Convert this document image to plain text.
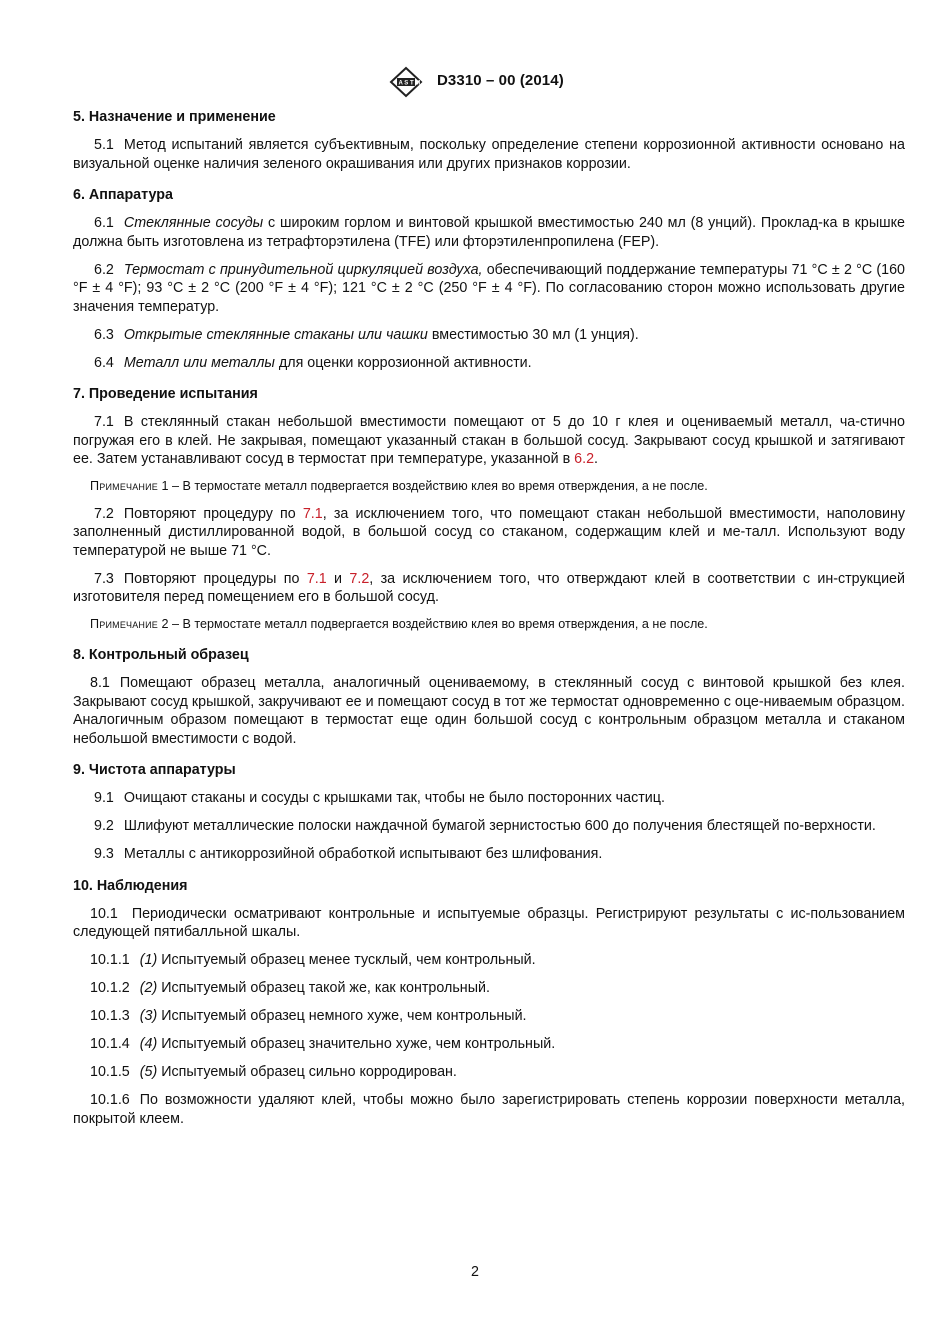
A S T M D3310 – 00 (2014)

5. Назначение и применение

5.1 Метод испытаний является субъективным, поскольку определение степени коррозионной активности основано на визуальной оценке наличия зеленого окрашивания или других признаков коррозии.

6. Аппаратура

6.1 Стеклянные сосуды с широким горлом и винтовой крышкой вместимостью 240 мл (8 унций). Проклад-ка в крышке должна быть изготовлена из тетрафторэтилена (TFE) или фторэтиленпропилена (FEP).

6.2 Термостат с принудительной циркуляцией воздуха, обеспечивающий поддержание температуры 71 °C ± 2 °C (160 °F ± 4 °F); 93 °C ± 2 °C (200 °F ± 4 °F); 121 °C ± 2 °C (250 °F ± 4 °F). По согласованию сторон можно использовать другие значения температур.

6.3 Открытые стеклянные стаканы или чашки вместимостью 30 мл (1 унция).

6.4 Металл или металлы для оценки коррозионной активности.

7. Проведение испытания

7.1 В стеклянный стакан небольшой вместимости помещают от 5 до 10 г клея и оцениваемый металл, ча-стично погружая его в клей. Не закрывая, помещают указанный стакан в большой сосуд. Закрывают сосуд крышкой и затягивают ее. Затем устанавливают сосуд в термостат при температуре, указанной в 6.2.

Примечание 1 – В термостате металл подвергается воздействию клея во время отверждения, а не после.

7.2 Повторяют процедуру по 7.1, за исключением того, что помещают стакан небольшой вместимости, наполовину заполненный дистиллированной водой, в большой сосуд со стаканом, содержащим клей и ме-талл. Используют воду температурой не выше 71 °C.

7.3 Повторяют процедуры по 7.1 и 7.2, за исключением того, что отверждают клей в соответствии с ин-струкцией изготовителя перед помещением его в большой сосуд.

Примечание 2 – В термостате металл подвергается воздействию клея во время отверждения, а не после.

8. Контрольный образец

8.1 Помещают образец металла, аналогичный оцениваемому, в стеклянный сосуд с винтовой крышкой без клея. Закрывают сосуд крышкой, закручивают ее и помещают сосуд в тот же термостат одновременно с оце-ниваемым образцом. Аналогичным образом помещают в термостат еще один большой сосуд с контрольным образцом металла и стаканом небольшой вместимости с водой.

9. Чистота аппаратуры

9.1 Очищают стаканы и сосуды с крышками так, чтобы не было посторонних частиц.

9.2 Шлифуют металлические полоски наждачной бумагой зернистостью 600 до получения блестящей по-верхности.

9.3 Металлы с антикоррозийной обработкой испытывают без шлифования.

10. Наблюдения

10.1 Периодически осматривают контрольные и испытуемые образцы. Регистрируют результаты с ис-пользованием следующей пятибалльной шкалы.

10.1.1 (1) Испытуемый образец менее тусклый, чем контрольный.

10.1.2 (2) Испытуемый образец такой же, как контрольный.

10.1.3 (3) Испытуемый образец немного хуже, чем контрольный.

10.1.4 (4) Испытуемый образец значительно хуже, чем контрольный.

10.1.5 (5) Испытуемый образец сильно корродирован.

10.1.6 По возможности удаляют клей, чтобы можно было зарегистрировать степень коррозии поверхности металла, покрытой клеем.

2
